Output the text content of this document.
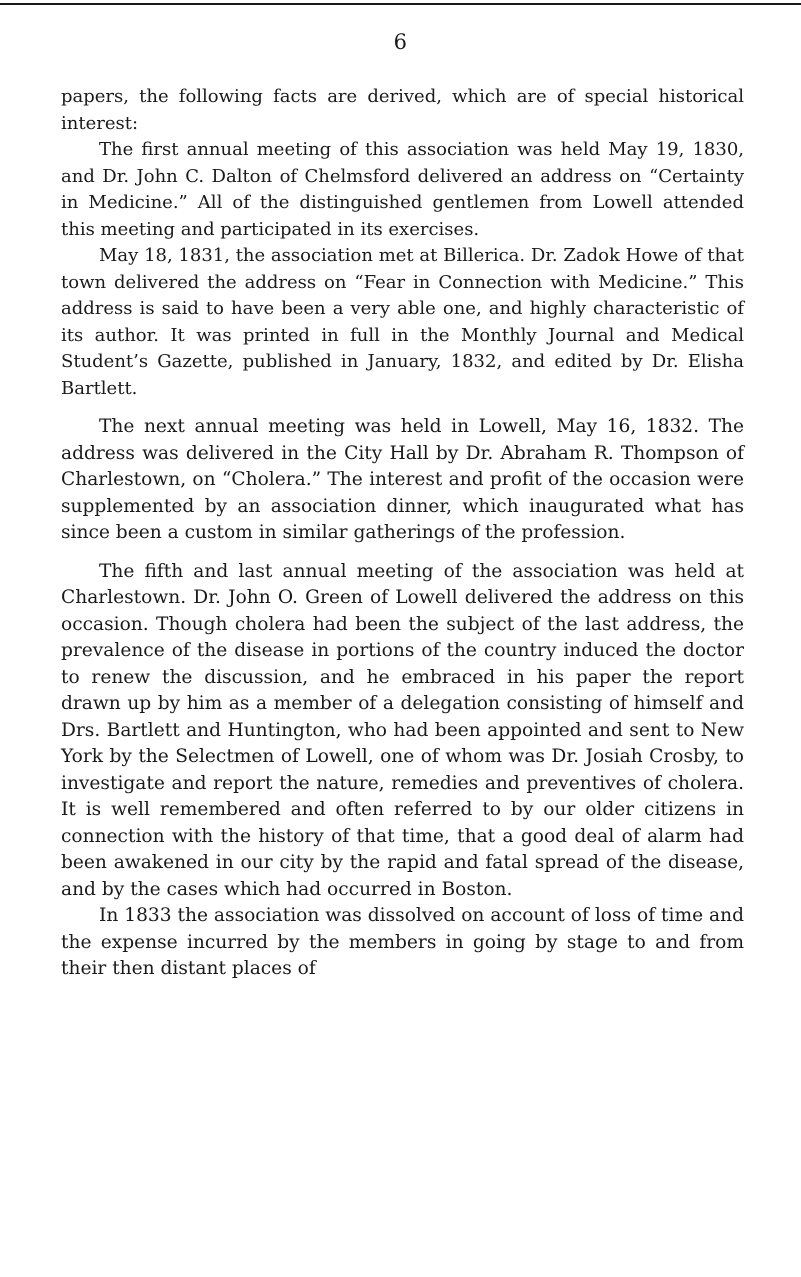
6

papers, the following facts are derived, which are of special historical interest:

The first annual meeting of this association was held May 19, 1830, and Dr. John C. Dalton of Chelmsford delivered an address on “Certainty in Medicine.” All of the distinguished gentlemen from Lowell attended this meeting and participated in its exercises.

May 18, 1831, the association met at Billerica. Dr. Zadok Howe of that town delivered the address on “Fear in Connection with Medicine.” This address is said to have been a very able one, and highly characteristic of its author. It was printed in full in the Monthly Journal and Medical Student’s Gazette, published in January, 1832, and edited by Dr. Elisha Bartlett.

The next annual meeting was held in Lowell, May 16, 1832. The address was delivered in the City Hall by Dr. Abraham R. Thompson of Charlestown, on “Cholera.” The interest and profit of the occasion were supplemented by an association dinner, which inaugurated what has since been a custom in similar gatherings of the profession.

The fifth and last annual meeting of the association was held at Charlestown. Dr. John O. Green of Lowell delivered the address on this occasion. Though cholera had been the subject of the last address, the prevalence of the disease in portions of the country induced the doctor to renew the discussion, and he embraced in his paper the report drawn up by him as a member of a delegation consisting of himself and Drs. Bartlett and Huntington, who had been appointed and sent to New York by the Selectmen of Lowell, one of whom was Dr. Josiah Crosby, to investigate and report the nature, remedies and preventives of cholera. It is well remembered and often referred to by our older citizens in connection with the history of that time, that a good deal of alarm had been awakened in our city by the rapid and fatal spread of the disease, and by the cases which had occurred in Boston.

In 1833 the association was dissolved on account of loss of time and the expense incurred by the members in going by stage to and from their then distant places of
